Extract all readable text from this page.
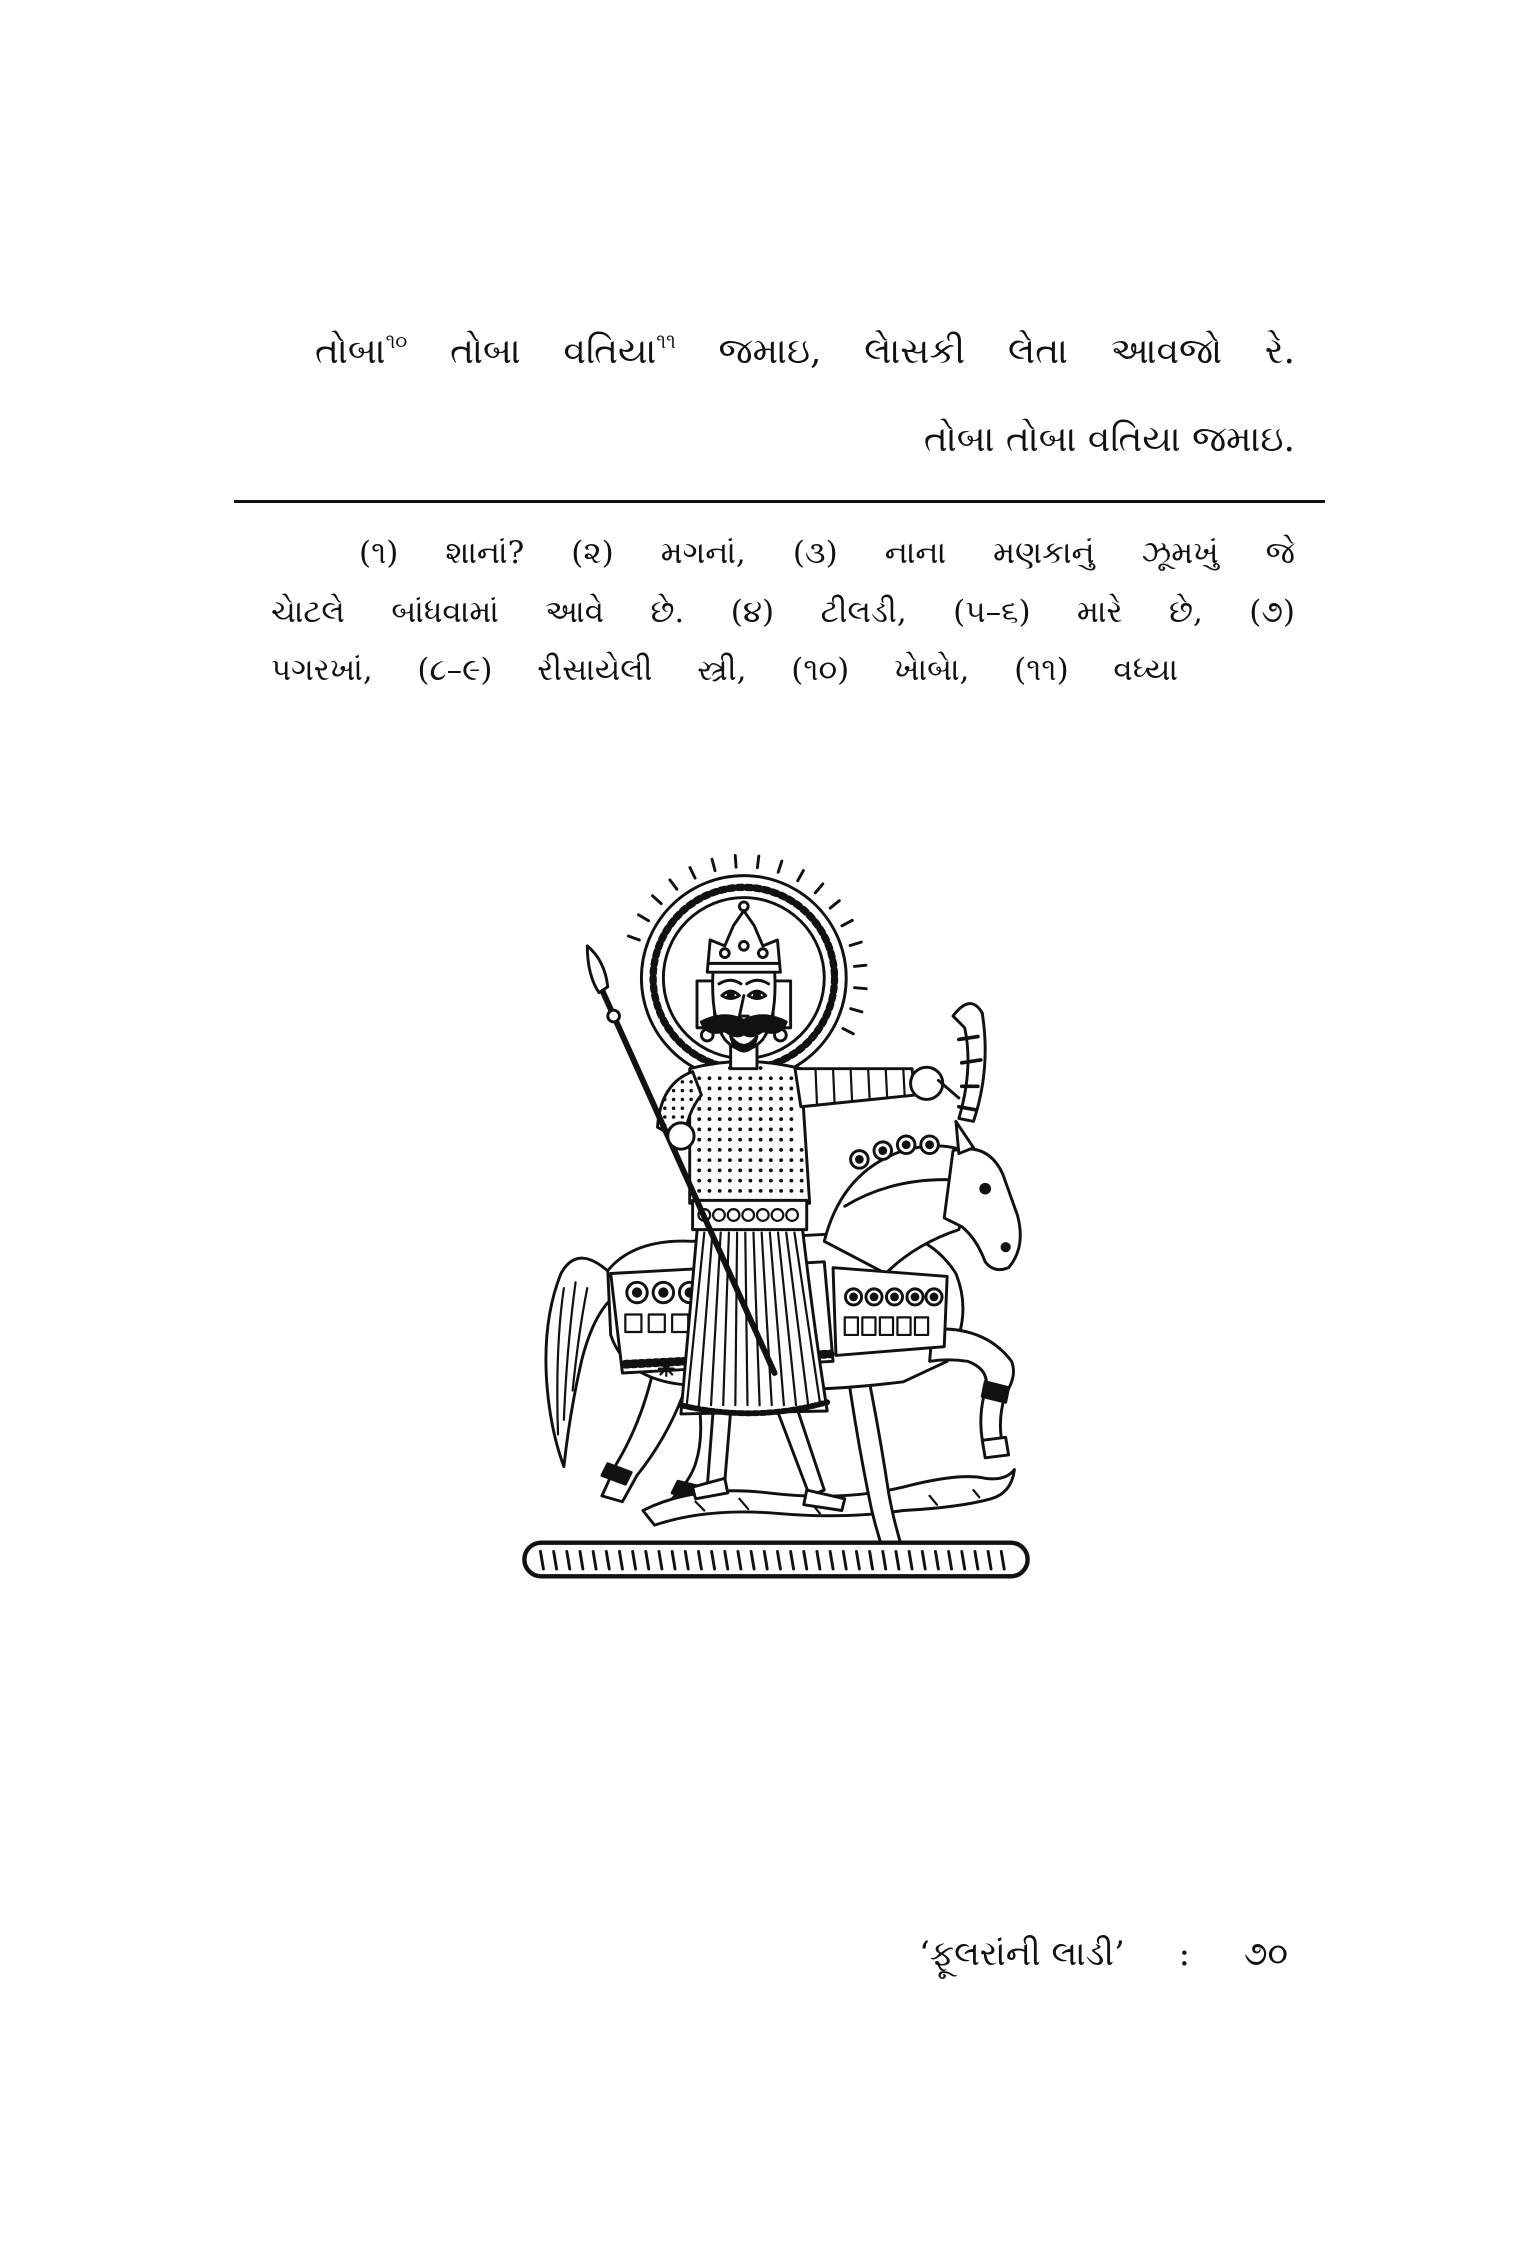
તોબા$^{૧૦}$ તોબા વતિયા$^{૧૧}$ જમાઇ, લેાસકી લેતા આવજો રે.
તોબા તોબા વતિયા જમાઇ.
(૧) શાનાં? (૨) મગનાં, (૩) નાના મણકાનું ઝૂમખું જે
ચેાટલે બાંધવામાં આવે છે. (૪) ટીલડી, (૫–૬) મારે છે, (૭)
પગરખાં, (૮–૯) રીસાયેલી સ્ત્રી, (૧૦) ખેાબેા, (૧૧) વધ્યા
‘ફૂલરાંની લાડી’ : ૭૦
